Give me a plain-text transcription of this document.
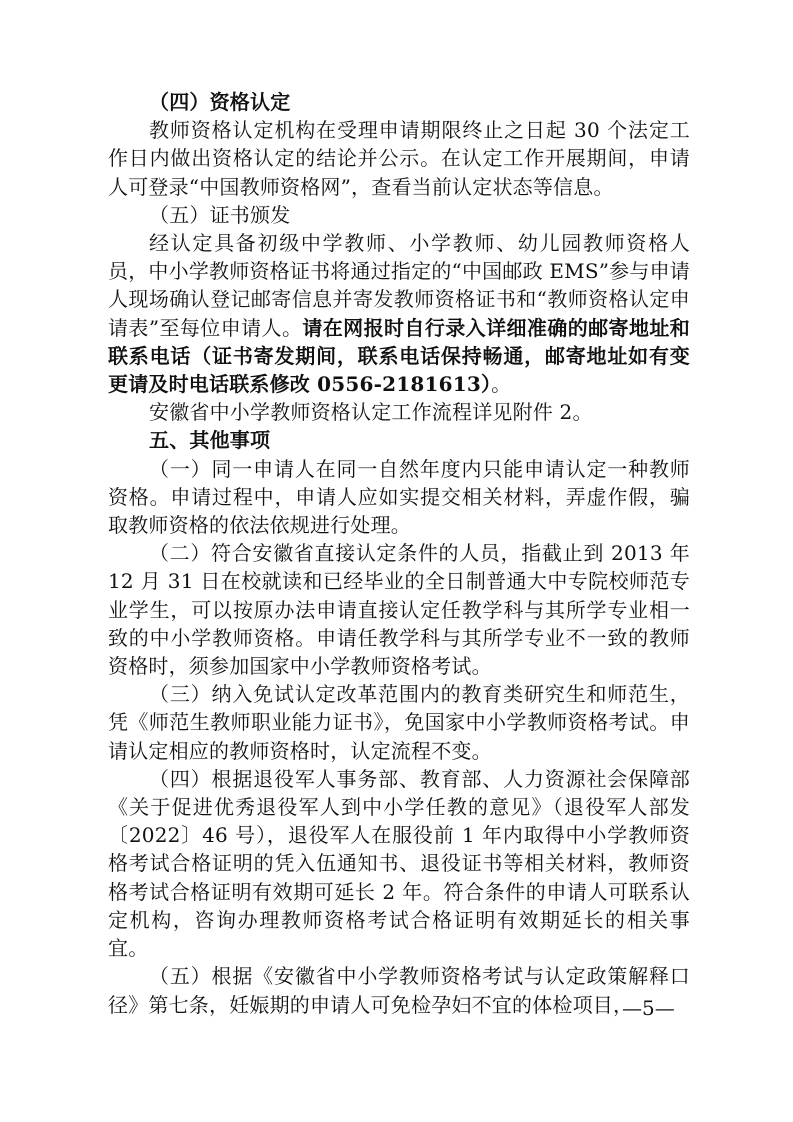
（四）资格认定

教师资格认定机构在受理申请期限终止之日起 30 个法定工作日内做出资格认定的结论并公示。在认定工作开展期间，申请人可登录“中国教师资格网”，查看当前认定状态等信息。

（五）证书颁发

经认定具备初级中学教师、小学教师、幼儿园教师资格人员，中小学教师资格证书将通过指定的“中国邮政 EMS”参与申请人现场确认登记邮寄信息并寄发教师资格证书和“教师资格认定申请表”至每位申请人。请在网报时自行录入详细准确的邮寄地址和联系电话（证书寄发期间，联系电话保持畅通，邮寄地址如有变更请及时电话联系修改 0556-2181613）。

安徽省中小学教师资格认定工作流程详见附件 2。

五、其他事项

（一）同一申请人在同一自然年度内只能申请认定一种教师资格。申请过程中，申请人应如实提交相关材料，弄虚作假，骗取教师资格的依法依规进行处理。

（二）符合安徽省直接认定条件的人员，指截止到 2013 年 12 月 31 日在校就读和已经毕业的全日制普通大中专院校师范专业学生，可以按原办法申请直接认定任教学科与其所学专业相一致的中小学教师资格。申请任教学科与其所学专业不一致的教师资格时，须参加国家中小学教师资格考试。

（三）纳入免试认定改革范围内的教育类研究生和师范生，凭《师范生教师职业能力证书》，免国家中小学教师资格考试。申请认定相应的教师资格时，认定流程不变。

（四）根据退役军人事务部、教育部、人力资源社会保障部《关于促进优秀退役军人到中小学任教的意见》（退役军人部发〔2022〕46 号），退役军人在服役前 1 年内取得中小学教师资格考试合格证明的凭入伍通知书、退役证书等相关材料，教师资格考试合格证明有效期可延长 2 年。符合条件的申请人可联系认定机构，咨询办理教师资格考试合格证明有效期延长的相关事宜。

（五）根据《安徽省中小学教师资格考试与认定政策解释口径》第七条，妊娠期的申请人可免检孕妇不宜的体检项目，

—5—
